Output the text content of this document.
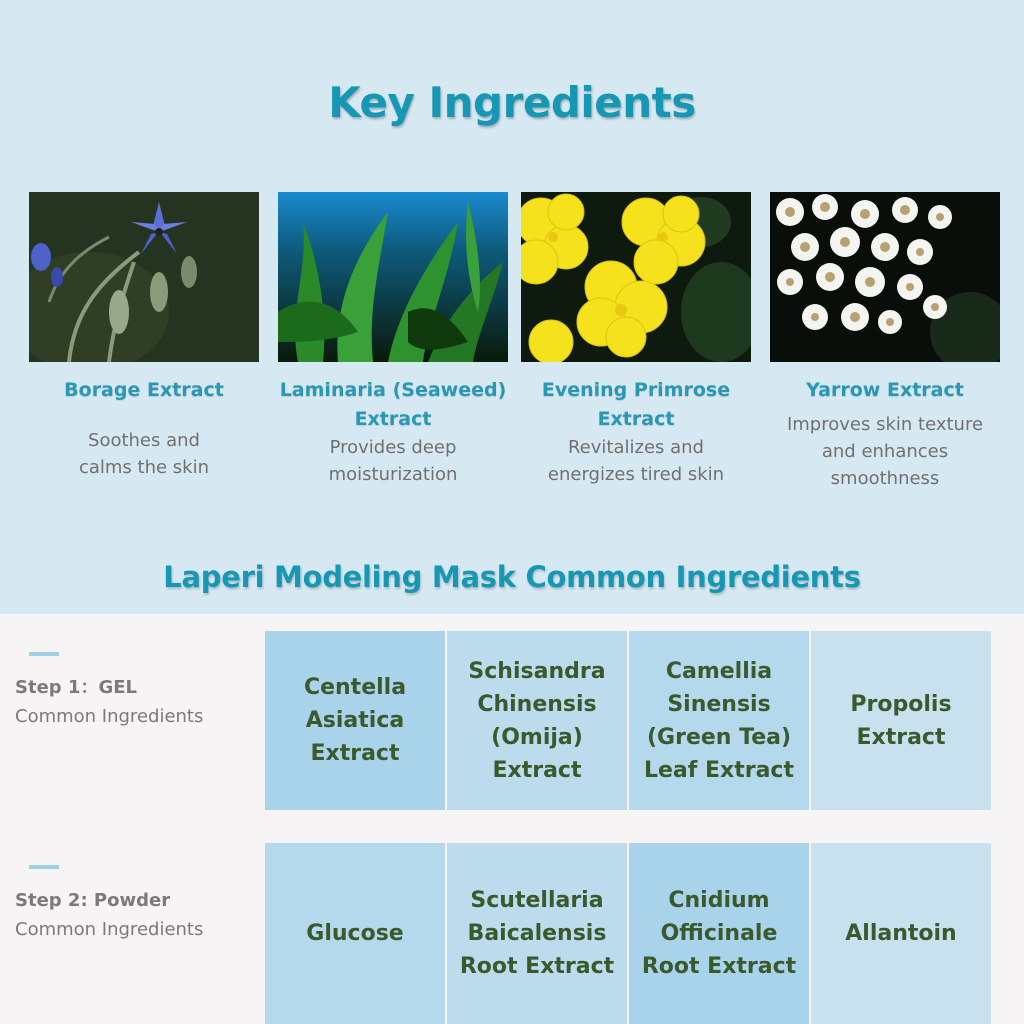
Key Ingredients
Borage Extract
Soothes and calms the skin
Laminaria (Seaweed) Extract
Provides deep moisturization
Evening Primrose Extract
Revitalizes and energizes tired skin
Yarrow Extract
Improves skin texture and enhances smoothness
Laperi Modeling Mask Common Ingredients
Step 1：GEL
Common Ingredients
Centella Asiatica Extract
Schisandra Chinensis (Omija) Extract
Camellia Sinensis (Green Tea) Leaf Extract
Propolis Extract
Step 2: Powder
Common Ingredients	Glucose
Scutellaria Baicalensis Root Extract
Cnidium Officinale Root Extract
Allantoin
